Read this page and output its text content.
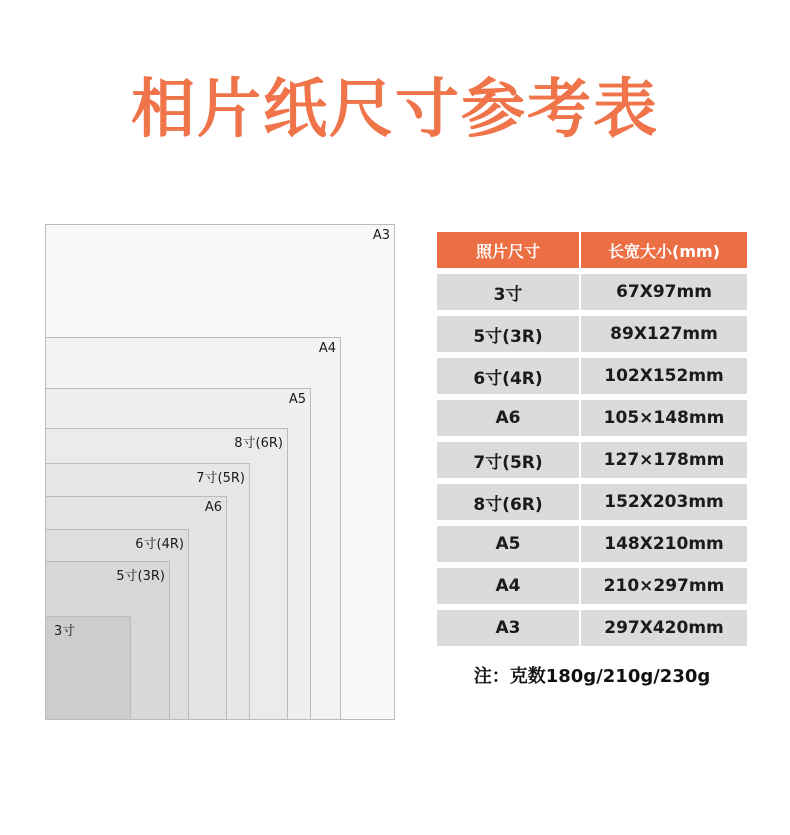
相片纸尺寸参考表
A3
A4
A5
8寸(6R)
7寸(5R)
A6
6寸(4R)
5寸(3R)
3寸
照片尺寸	长宽大小(mm)
3寸	67X97mm
5寸(3R)	89X127mm
6寸(4R)	102X152mm
A6	105×148mm
7寸(5R)	127×178mm
8寸(6R)	152X203mm
A5	148X210mm
A4	210×297mm
A3	297X420mm
注：克数180g/210g/230g
